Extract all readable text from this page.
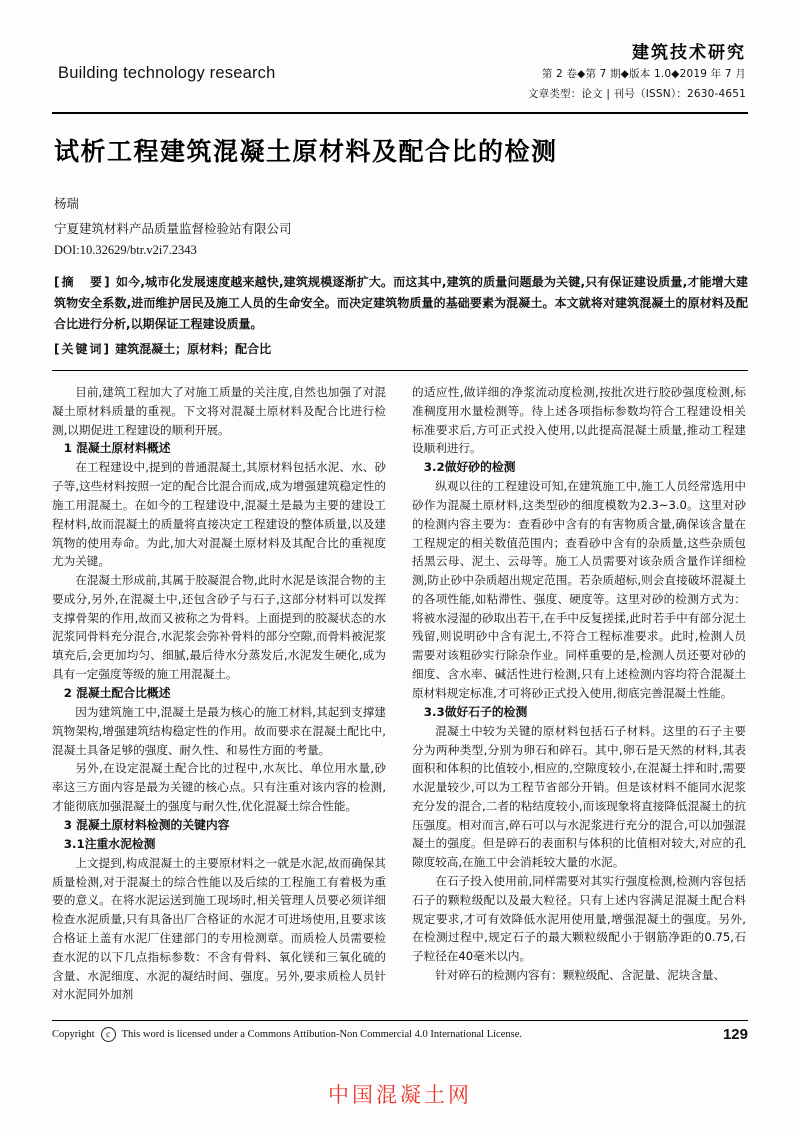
Building technology research
建筑技术研究
第 2 卷◆第 7 期◆版本 1.0◆2019 年 7 月
文章类型：论文 | 刊号（ISSN）：2630-4651
试析工程建筑混凝土原材料及配合比的检测
杨瑞
宁夏建筑材料产品质量监督检验站有限公司
DOI:10.32629/btr.v2i7.2343
[摘　要] 如今,城市化发展速度越来越快,建筑规模逐渐扩大。而这其中,建筑的质量问题最为关键,只有保证建设质量,才能增大建筑物安全系数,进而维护居民及施工人员的生命安全。而决定建筑物质量的基础要素为混凝土。本文就将对建筑混凝土的原材料及配合比进行分析,以期保证工程建设质量。
[关键词] 建筑混凝土；原材料；配合比

目前,建筑工程加大了对施工质量的关注度,自然也加强了对混凝土原材料质量的重视。下文将对混凝土原材料及配合比进行检测,以期促进工程建设的顺利开展。

1 混凝土原材料概述

在工程建设中,提到的普通混凝土,其原材料包括水泥、水、砂子等,这些材料按照一定的配合比混合而成,成为增强建筑稳定性的施工用混凝土。在如今的工程建设中,混凝土是最为主要的建设工程材料,故而混凝土的质量将直接决定工程建设的整体质量,以及建筑物的使用寿命。为此,加大对混凝土原材料及其配合比的重视度尤为关键。

在混凝土形成前,其属于胶凝混合物,此时水泥是该混合物的主要成分,另外,在混凝土中,还包含砂子与石子,这部分材料可以发挥支撑骨架的作用,故而又被称之为骨料。上面提到的胶凝状态的水泥浆同骨料充分混合,水泥浆会弥补骨料的部分空隙,而骨料被泥浆填充后,会更加均匀、细腻,最后待水分蒸发后,水泥发生硬化,成为具有一定强度等级的施工用混凝土。

2 混凝土配合比概述

因为建筑施工中,混凝土是最为核心的施工材料,其起到支撑建筑物架构,增强建筑结构稳定性的作用。故而要求在混凝土配比中,混凝土具备足够的强度、耐久性、和易性方面的考量。

另外,在设定混凝土配合比的过程中,水灰比、单位用水量,砂率这三方面内容是最为关键的核心点。只有注重对该内容的检测,才能彻底加强混凝土的强度与耐久性,优化混凝土综合性能。

3 混凝土原材料检测的关键内容
3.1注重水泥检测

上文提到,构成混凝土的主要原材料之一就是水泥,故而确保其质量检测,对于混凝土的综合性能以及后续的工程施工有着极为重要的意义。在将水泥运送到施工现场时,相关管理人员要必须详细检查水泥质量,只有具备出厂合格证的水泥才可进场使用,且要求该合格证上盖有水泥厂住建部门的专用检测章。而质检人员需要检查水泥的以下几点指标参数：不含有骨料、氧化镁和三氧化硫的含量、水泥细度、水泥的凝结时间、强度。另外,要求质检人员针对水泥同外加剂

的适应性,做详细的净浆流动度检测,按批次进行胶砂强度检测,标准稠度用水量检测等。待上述各项指标参数均符合工程建设相关标准要求后,方可正式投入使用,以此提高混凝土质量,推动工程建设顺利进行。

3.2做好砂的检测

纵观以往的工程建设可知,在建筑施工中,施工人员经常选用中砂作为混凝土原材料,这类型砂的细度模数为2.3~3.0。这里对砂的检测内容主要为：查看砂中含有的有害物质含量,确保该含量在工程规定的相关数值范围内；查看砂中含有的杂质量,这些杂质包括黑云母、泥土、云母等。施工人员需要对该杂质含量作详细检测,防止砂中杂质超出规定范围。若杂质超标,则会直接破坏混凝土的各项性能,如粘滞性、强度、硬度等。这里对砂的检测方式为：将被水浸湿的砂取出若干,在手中反复搓揉,此时若手中有部分泥土残留,则说明砂中含有泥土,不符合工程标准要求。此时,检测人员需要对该粗砂实行除杂作业。同样重要的是,检测人员还要对砂的细度、含水率、碱活性进行检测,只有上述检测内容均符合混凝土原材料规定标准,才可将砂正式投入使用,彻底完善混凝土性能。

3.3做好石子的检测

混凝土中较为关键的原材料包括石子材料。这里的石子主要分为两种类型,分别为卵石和碎石。其中,卵石是天然的材料,其表面积和体积的比值较小,相应的,空隙度较小,在混凝土拌和时,需要水泥量较少,可以为工程节省部分开销。但是该材料不能同水泥浆充分发的混合,二者的粘结度较小,而该现象将直接降低混凝土的抗压强度。相对而言,碎石可以与水泥浆进行充分的混合,可以加强混凝土的强度。但是碎石的表面积与体积的比值相对较大,对应的孔隙度较高,在施工中会消耗较大量的水泥。

在石子投入使用前,同样需要对其实行强度检测,检测内容包括石子的颗粒级配以及最大粒径。只有上述内容满足混凝土配合料规定要求,才可有效降低水泥用使用量,增强混凝土的强度。另外,在检测过程中,规定石子的最大颗粒级配小于钢筋净距的0.75,石子粒径在40毫米以内。

针对碎石的检测内容有：颗粒级配、含泥量、泥块含量、

Copyright	c	This word is licensed under a Commons Attibution-Non Commercial 4.0 International License.	129
中国混凝土网
